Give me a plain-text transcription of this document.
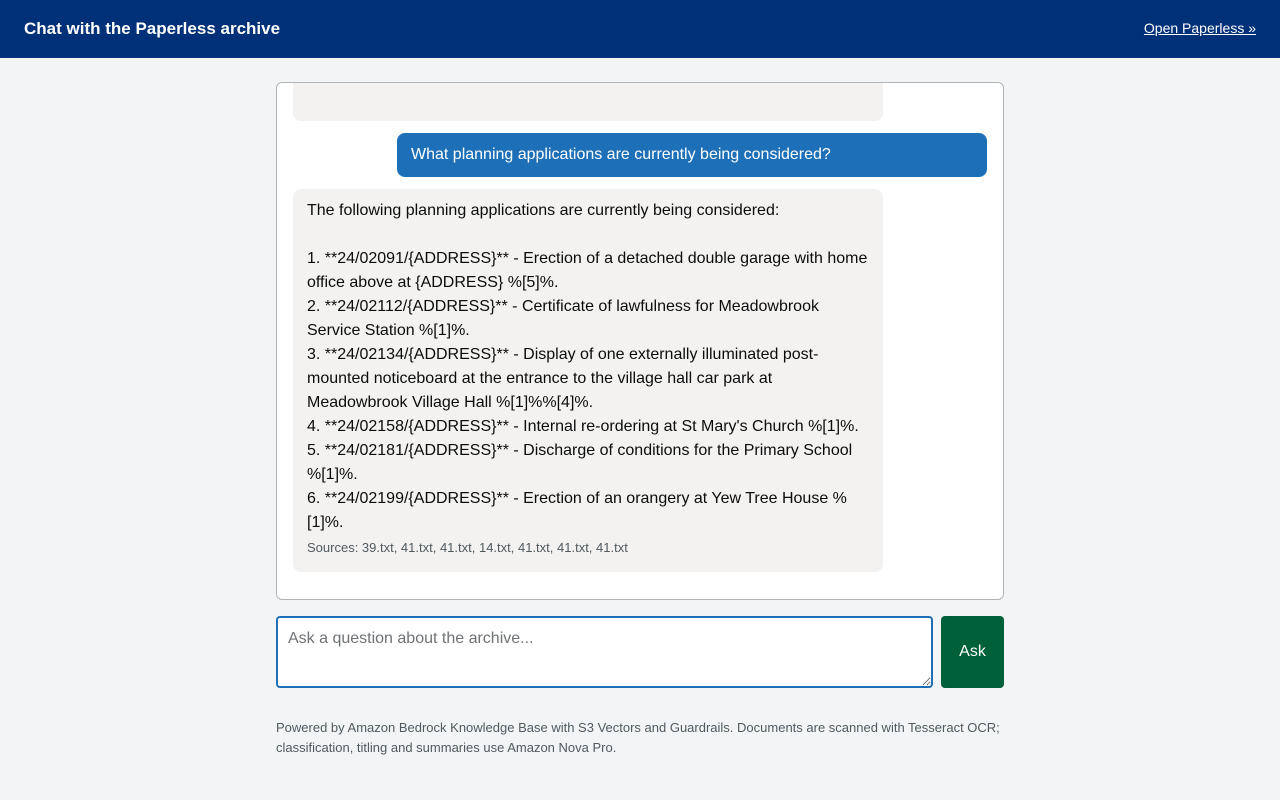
Chat with the Paperless archive	Open Paperless »
What planning applications are currently being considered?
The following planning applications are currently being considered:

1. **24/02091/{ADDRESS}** - Erection of a detached double garage with home office above at {ADDRESS} %[5]%.
2. **24/02112/{ADDRESS}** - Certificate of lawfulness for Meadowbrook Service Station %[1]%.
3. **24/02134/{ADDRESS}** - Display of one externally illuminated post-mounted noticeboard at the entrance to the village hall car park at Meadowbrook Village Hall %[1]%%[4]%.
4. **24/02158/{ADDRESS}** - Internal re-ordering at St Mary's Church %[1]%.
5. **24/02181/{ADDRESS}** - Discharge of conditions for the Primary School %[1]%.
6. **24/02199/{ADDRESS}** - Erection of an orangery at Yew Tree House %[1]%.
Sources: 39.txt, 41.txt, 41.txt, 14.txt, 41.txt, 41.txt, 41.txt
Ask a question about the archive...
Ask

Powered by Amazon Bedrock Knowledge Base with S3 Vectors and Guardrails. Documents are scanned with Tesseract OCR; classification, titling and summaries use Amazon Nova Pro.
